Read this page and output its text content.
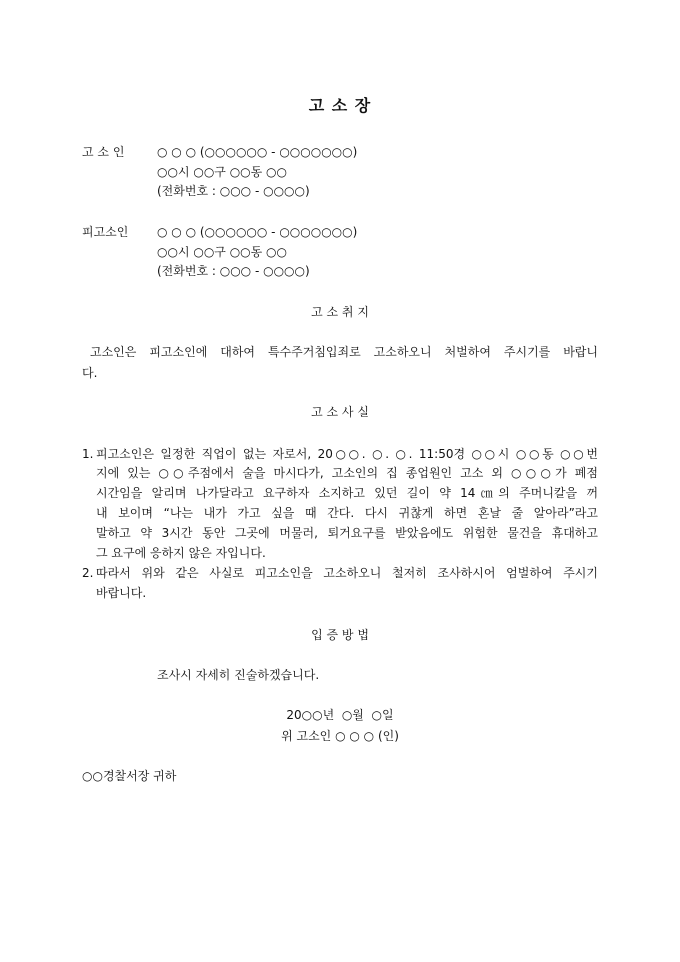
고 소 장
고 소 인	○ ○ ○ (○○○○○○ - ○○○○○○○)
○○시 ○○구 ○○동 ○○
(전화번호 : ○○○ - ○○○○)
피고소인 ○ ○ ○ (○○○○○○ - ○○○○○○○)
○○시 ○○구 ○○동 ○○
(전화번호 : ○○○ - ○○○○)
고 소 취 지
고소인은 피고소인에 대하여 특수주거침입죄로 고소하오니 처벌하여 주시기를 바랍니
다.
고 소 사 실
1. 피고소인은 일정한 직업이 없는 자로서, 20○○. ○. ○. 11:50경 ○○시 ○○동 ○○번
지에 있는 ○○주점에서 술을 마시다가, 고소인의 집 종업원인 고소 외 ○○○가 폐점
시간임을 알리며 나가달라고 요구하자 소지하고 있던 길이 약 14㎝의 주머니칼을 꺼
내 보이며 “나는 내가 가고 싶을 때 간다. 다시 귀찮게 하면 혼날 줄 알아라”라고
말하고 약 3시간 동안 그곳에 머물러, 퇴거요구를 받았음에도 위험한 물건을 휴대하고
그 요구에 응하지 않은 자입니다.
2. 따라서 위와 같은 사실로 피고소인을 고소하오니 철저히 조사하시어 엄벌하여 주시기
바랍니다.
입 증 방 법
조사시 자세히 진술하겠습니다.
20○○년  ○월  ○일
위 고소인 ○ ○ ○ (인)
○○경찰서장 귀하
